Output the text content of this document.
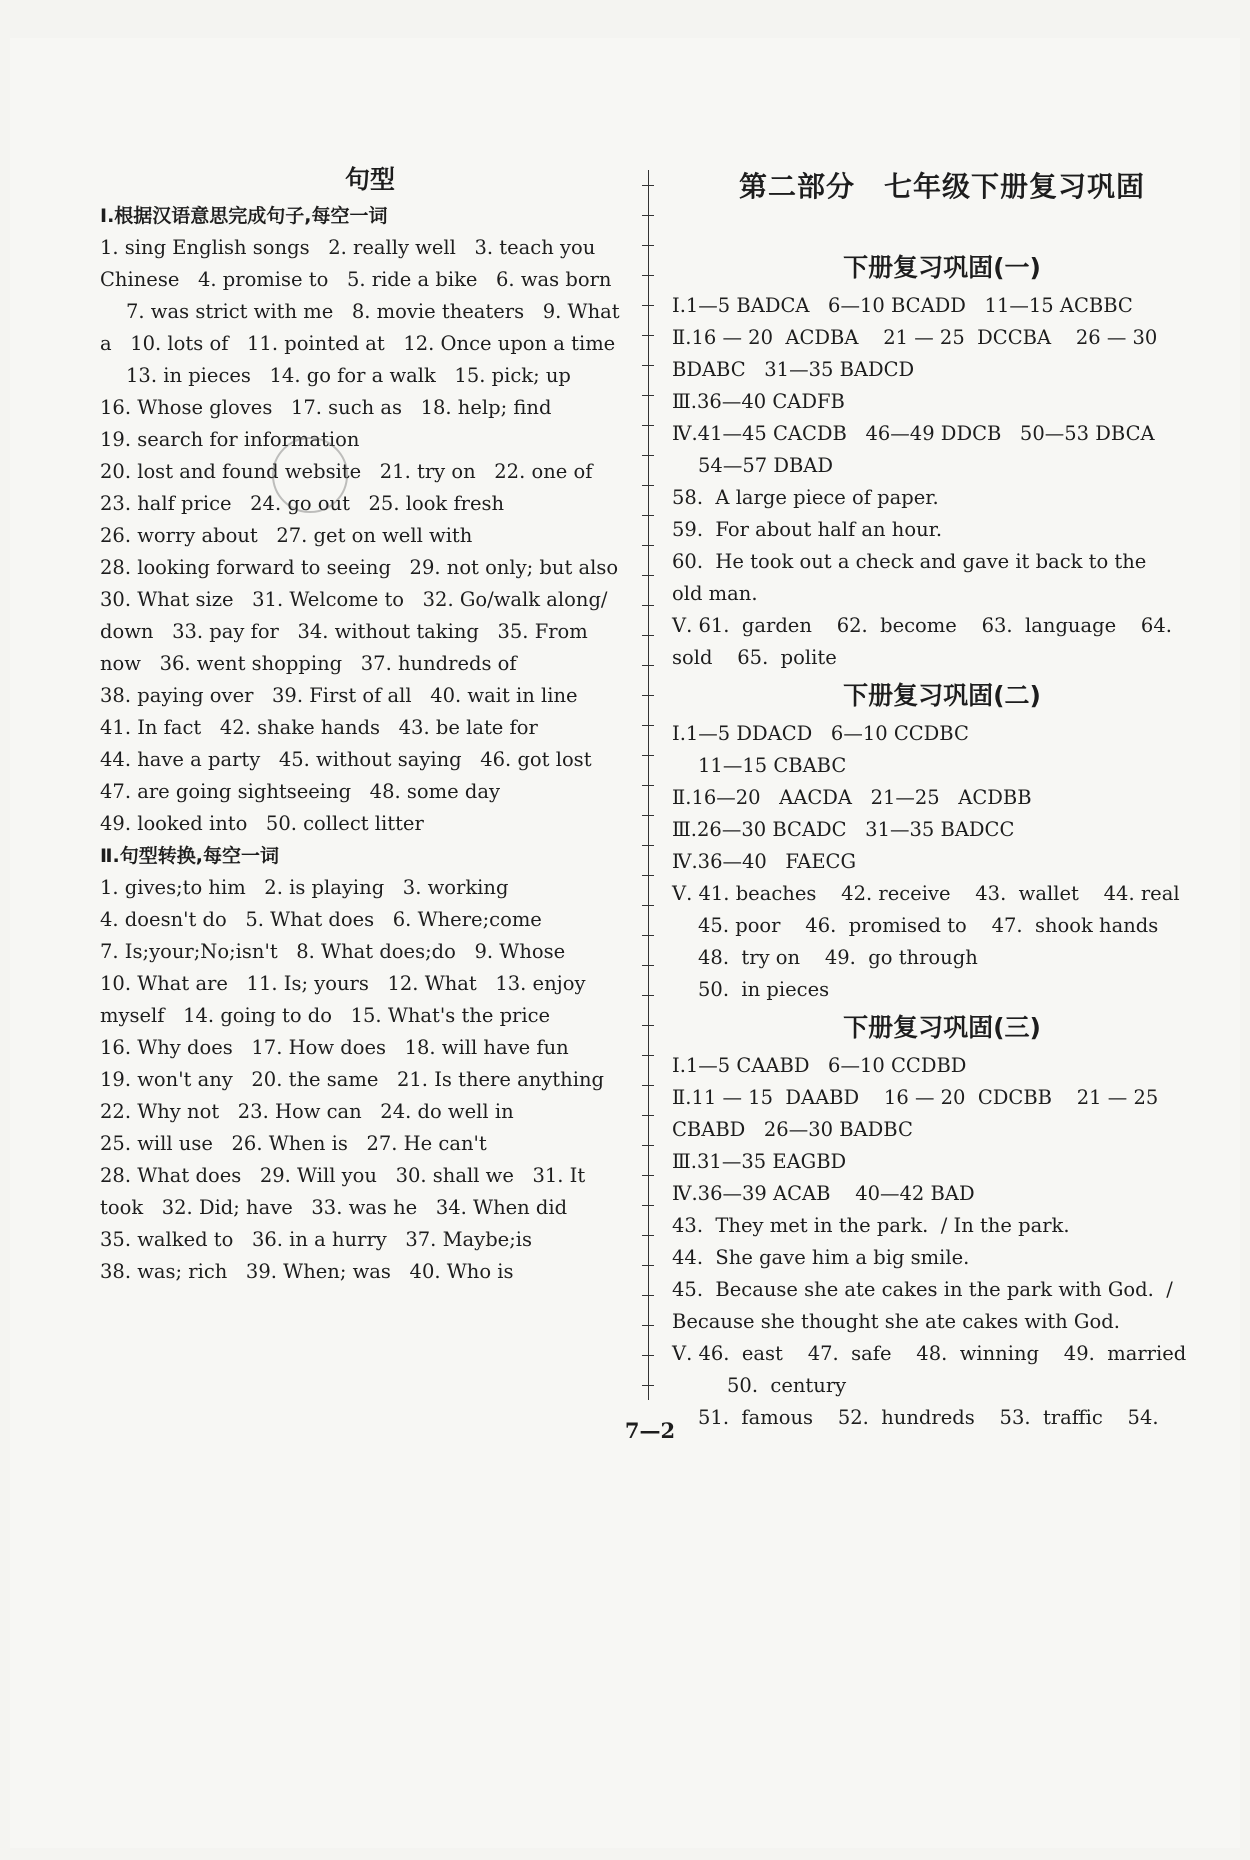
句型
Ⅰ.根据汉语意思完成句子,每空一词
1. sing English songs   2. really well   3. teach you
Chinese   4. promise to   5. ride a bike   6. was born
7. was strict with me   8. movie theaters   9. What
a   10. lots of   11. pointed at   12. Once upon a time
13. in pieces   14. go for a walk   15. pick; up
16. Whose gloves   17. such as   18. help; find
19. search for information
20. lost and found website   21. try on   22. one of
23. half price   24. go out   25. look fresh
26. worry about   27. get on well with
28. looking forward to seeing   29. not only; but also
30. What size   31. Welcome to   32. Go/walk along/
down   33. pay for   34. without taking   35. From
now   36. went shopping   37. hundreds of
38. paying over   39. First of all   40. wait in line
41. In fact   42. shake hands   43. be late for
44. have a party   45. without saying   46. got lost
47. are going sightseeing   48. some day
49. looked into   50. collect litter
Ⅱ.句型转换,每空一词
1. gives;to him   2. is playing   3. working
4. doesn't do   5. What does   6. Where;come
7. Is;your;No;isn't   8. What does;do   9. Whose
10. What are   11. Is; yours   12. What   13. enjoy
myself   14. going to do   15. What's the price
16. Why does   17. How does   18. will have fun
19. won't any   20. the same   21. Is there anything
22. Why not   23. How can   24. do well in
25. will use   26. When is   27. He can't
28. What does   29. Will you   30. shall we   31. It
took   32. Did; have   33. was he   34. When did
35. walked to   36. in a hurry   37. Maybe;is
38. was; rich   39. When; was   40. Who is
第二部分　七年级下册复习巩固
下册复习巩固(一)
Ⅰ.1—5 BADCA   6—10 BCADD   11—15 ACBBC
Ⅱ.16 — 20  ACDBA    21 — 25  DCCBA    26 — 30
BDABC   31—35 BADCD
Ⅲ.36—40 CADFB
Ⅳ.41—45 CACDB   46—49 DDCB   50—53 DBCA
54—57 DBAD
58.  A large piece of paper.
59.  For about half an hour.
60.  He took out a check and gave it back to the
old man.
Ⅴ. 61.  garden    62.  become    63.  language    64.
sold    65.  polite
下册复习巩固(二)
Ⅰ.1—5 DDACD   6—10 CCDBC
11—15 CBABC
Ⅱ.16—20   AACDA   21—25   ACDBB
Ⅲ.26—30 BCADC   31—35 BADCC
Ⅳ.36—40   FAECG
Ⅴ. 41. beaches    42. receive    43.  wallet    44. real
45. poor    46.  promised to    47.  shook hands
48.  try on    49.  go through
50.  in pieces
下册复习巩固(三)
Ⅰ.1—5 CAABD   6—10 CCDBD
Ⅱ.11 — 15  DAABD    16 — 20  CDCBB    21 — 25
CBABD   26—30 BADBC
Ⅲ.31—35 EAGBD
Ⅳ.36—39 ACAB    40—42 BAD
43.  They met in the park.  / In the park.
44.  She gave him a big smile.
45.  Because she ate cakes in the park with God.  /
Because she thought she ate cakes with God.
Ⅴ. 46.  east    47.  safe    48.  winning    49.  married
50.  century
51.  famous    52.  hundreds    53.  traffic    54.
7—2
